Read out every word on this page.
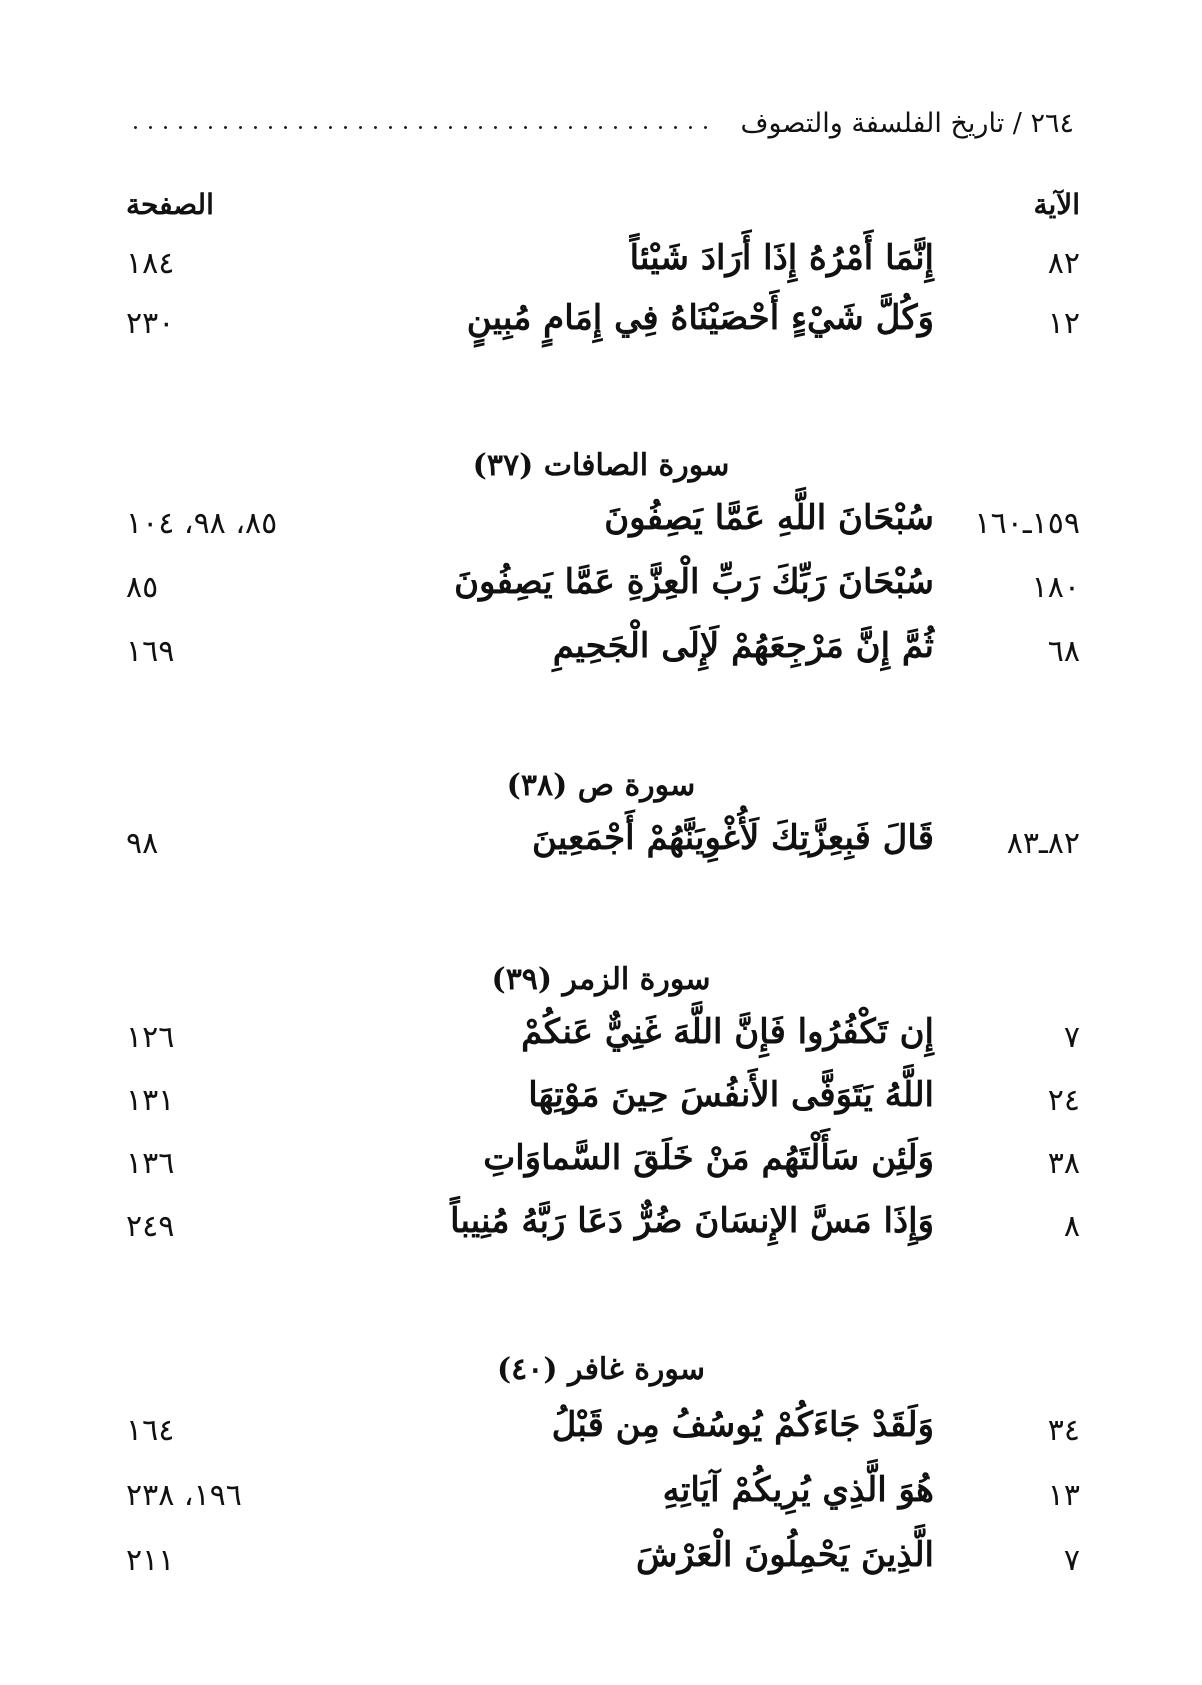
٢٦٤ / تاريخ الفلسفة والتصوف
الآية
الصفحة
٨٢
إِنَّمَا أَمْرُهُ إِذَا أَرَادَ شَيْئاً
١٨٤
١٢
وَكُلَّ شَيْءٍ أَحْصَيْنَاهُ فِي إِمَامٍ مُبِينٍ
٢٣٠
سورة الصافات (٣٧)
١٥٩ـ١٦٠
سُبْحَانَ اللَّهِ عَمَّا يَصِفُونَ
٨٥، ٩٨، ١٠٤
١٨٠
سُبْحَانَ رَبِّكَ رَبِّ الْعِزَّةِ عَمَّا يَصِفُونَ
٨٥
٦٨
ثُمَّ إِنَّ مَرْجِعَهُمْ لَإِلَى الْجَحِيمِ
١٦٩
سورة ص (٣٨)
٨٢ـ٨٣
قَالَ فَبِعِزَّتِكَ لَأُغْوِيَنَّهُمْ أَجْمَعِينَ
٩٨
سورة الزمر (٣٩)
٧
إِن تَكْفُرُوا فَإِنَّ اللَّهَ غَنِيٌّ عَنكُمْ
١٢٦
٢٤
اللَّهُ يَتَوَفَّى الأَنفُسَ حِينَ مَوْتِهَا
١٣١
٣٨
وَلَئِن سَأَلْتَهُم مَنْ خَلَقَ السَّماوَاتِ
١٣٦
٨
وَإِذَا مَسَّ الإِنسَانَ ضُرٌّ دَعَا رَبَّهُ مُنِيباً
٢٤٩
سورة غافر (٤٠)
٣٤
وَلَقَدْ جَاءَكُمْ يُوسُفُ مِن قَبْلُ
١٦٤
١٣
هُوَ الَّذِي يُرِيكُمْ آيَاتِهِ
١٩٦، ٢٣٨
٧
الَّذِينَ يَحْمِلُونَ الْعَرْشَ
٢١١
